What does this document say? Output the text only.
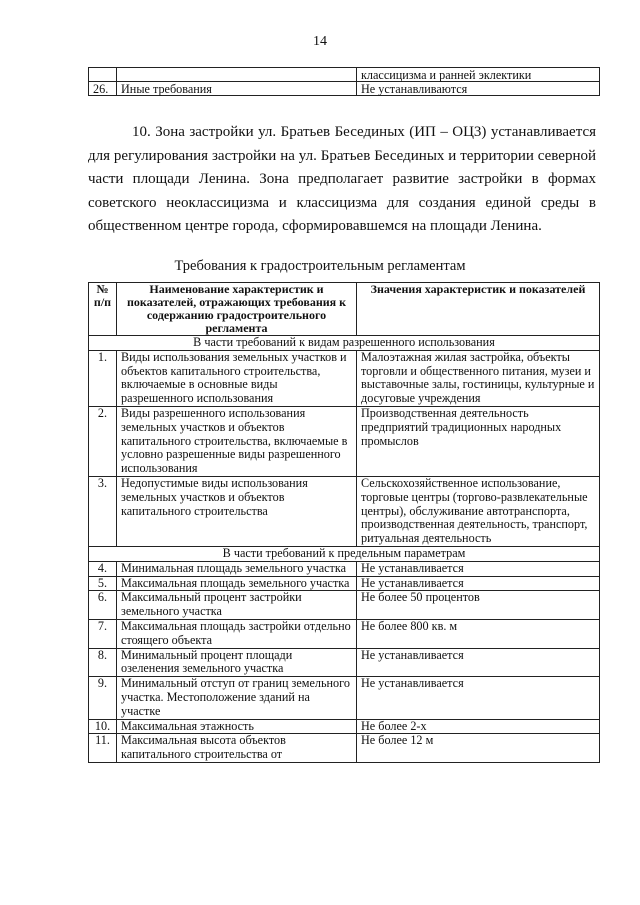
14
		классицизма и ранней эклектики
26.	Иные требования	Не устанавливаются
10. Зона застройки ул. Братьев Бесединых (ИП – ОЦ3) устанавливается для регулирования застройки на ул. Братьев Бесединых и территории северной части площади Ленина. Зона предполагает развитие застройки в формах советского неоклассицизма и классицизма для создания единой среды в общественном центре города, сформировавшемся на площади Ленина.
Требования к градостроительным регламентам
№ п/п	Наименование характеристик и показателей, отражающих требования к содержанию градостроительного регламента	Значения характеристик и показателей
В части требований к видам разрешенного использования		
1.	Виды использования земельных участков и объектов капитального строительства, включаемые в основные виды разрешенного использования	Малоэтажная жилая застройка, объекты торговли и общественного питания, музеи и выставочные залы, гостиницы, культурные и досуговые учреждения
2.	Виды разрешенного использования земельных участков и объектов капитального строительства, включаемые в условно разрешенные виды разрешенного использования	Производственная деятельность предприятий традиционных народных промыслов
3.	Недопустимые виды использования земельных участков и объектов капитального строительства	Сельскохозяйственное использование, торговые центры (торгово-развлекательные центры), обслуживание автотранспорта, производственная деятельность, транспорт, ритуальная деятельность
В части требований к предельным параметрам		
4.	Минимальная площадь земельного участка	Не устанавливается
5.	Максимальная площадь земельного участка	Не устанавливается
6.	Максимальный процент застройки земельного участка	Не более 50 процентов
7.	Максимальная площадь застройки отдельно стоящего объекта	Не более 800 кв. м
8.	Минимальный процент площади озеленения земельного участка	Не устанавливается
9.	Минимальный отступ от границ земельного участка. Местоположение зданий на участке	Не устанавливается
10.	Максимальная этажность	Не более 2-х
11.	Максимальная высота объектов капитального строительства от	Не более 12 м
